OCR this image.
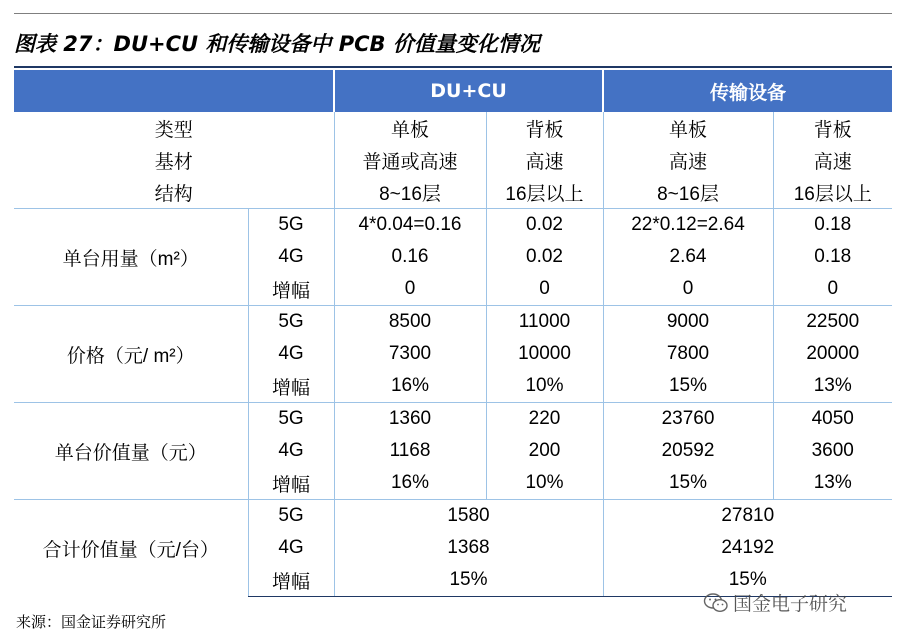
图表 27：DU+CU 和传输设备中 PCB 价值量变化情况
		DU+CU		传输设备	
类型		单板	背板	单板	背板
基材		普通或高速	高速	高速	高速
结构		8~16层	16层以上	8~16层	16层以上
单台用量（m²）	5G	4*0.04=0.16	0.02	22*0.12=2.64	0.18
	4G	0.16	0.02	2.64	0.18
	增幅	0	0	0	0
价格（元/ m²）	5G	8500	11000	9000	22500
	4G	7300	10000	7800	20000
	增幅	16%	10%	15%	13%
单台价值量（元）	5G	1360	220	23760	4050
	4G	1168	200	20592	3600
	增幅	16%	10%	15%	13%
合计价值量（元/台）	5G	1580		27810	
	4G	1368		24192	
	增幅	15%		15%	
来源：国金证券研究所
国金电子研究
